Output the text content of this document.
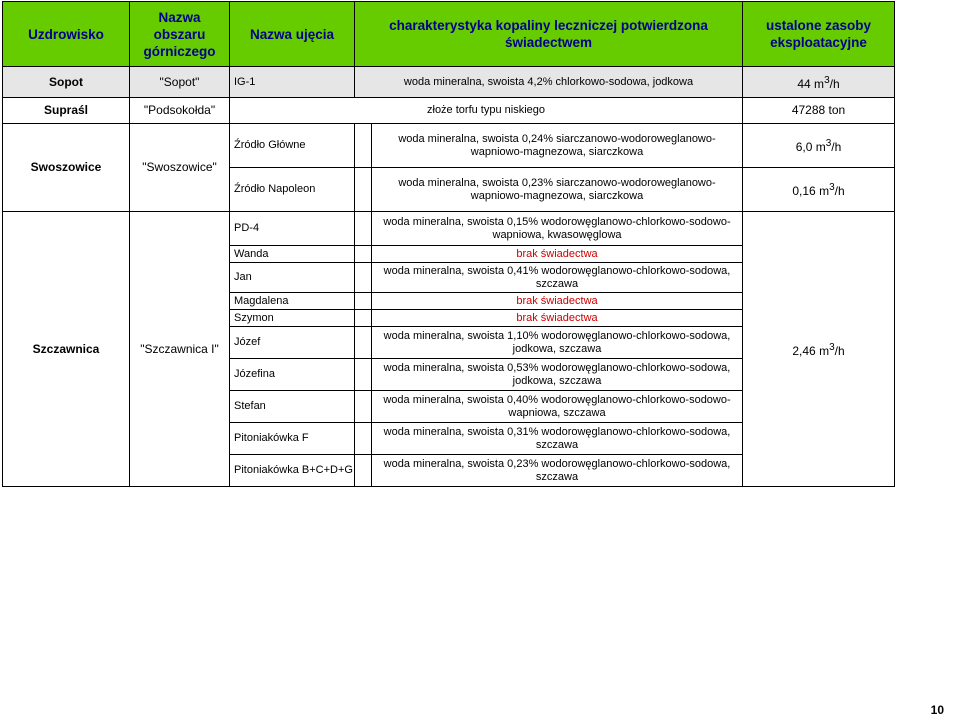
Uzdrowisko	Nazwa obszaru górniczego	Nazwa ujęcia	charakterystyka kopaliny leczniczej potwierdzona świadectwem		ustalone zasoby eksploatacyjne
Sopot	"Sopot"	IG-1	woda mineralna, swoista 4,2% chlorkowo-sodowa, jodkowa		44 $m^3/h$
Supraśl	"Podsokołda"	złoże torfu typu niskiego			47288 ton
Swoszowice	"Swoszowice"	Źródło Główne		woda mineralna, swoista 0,24% siarczanowo-wodoroweglanowo-wapniowo-magnezowa, siarczkowa	6,0 $m^3/h$
		Źródło Napoleon		woda mineralna, swoista 0,23% siarczanowo-wodoroweglanowo-wapniowo-magnezowa, siarczkowa	0,16 $m^3/h$
Szczawnica	"Szczawnica I"	PD-4		woda mineralna, swoista 0,15% wodorowęglanowo-chlorkowo-sodowo-wapniowa, kwasowęglowa	2,46 $m^3/h$
		Wanda		brak świadectwa	
		Jan		woda mineralna, swoista 0,41% wodorowęglanowo-chlorkowo-sodowa, szczawa	
		Magdalena		brak świadectwa	
		Szymon		brak świadectwa	
		Józef		woda mineralna, swoista 1,10% wodorowęglanowo-chlorkowo-sodowa, jodkowa, szczawa	
		Józefina		woda mineralna, swoista 0,53% wodorowęglanowo-chlorkowo-sodowa, jodkowa, szczawa	
		Stefan		woda mineralna, swoista 0,40% wodorowęglanowo-chlorkowo-sodowo-wapniowa, szczawa	
		Pitoniakówka F		woda mineralna, swoista 0,31% wodorowęglanowo-chlorkowo-sodowa, szczawa	
		Pitoniakówka B+C+D+G		woda mineralna, swoista 0,23% wodorowęglanowo-chlorkowo-sodowa, szczawa	
10
